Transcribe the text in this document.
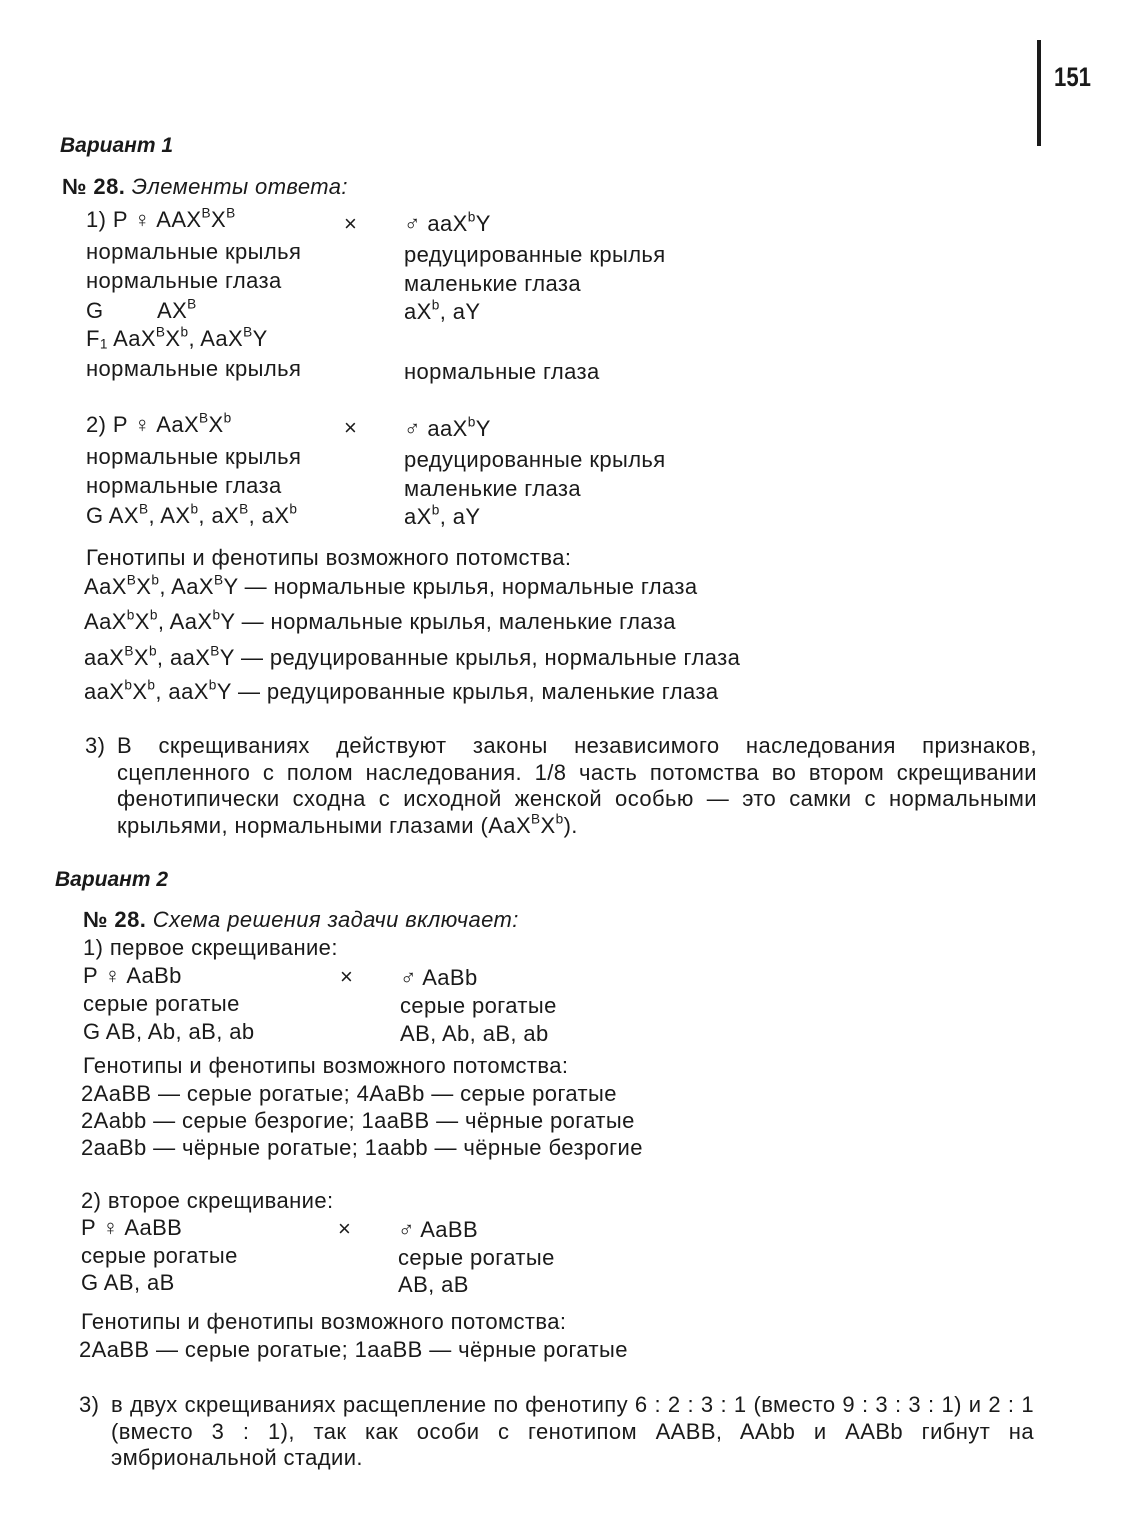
151
Вариант 1
№ 28. Элементы ответа:
1) P ♀ $AAX^BX^B$	× ♂ aaX$^b$Y
нормальные крылья	редуцированные крылья
нормальные глаза	маленькие глаза
G $AX^B$	$aX^b$, aY
$F_1$ $AaX^BX^b$, AaX$^B$Y
нормальные крылья	нормальные глаза
2) P ♀ $AaX^BX^b$	× ♂ aaX$^b$Y
нормальные крылья	редуцированные крылья
нормальные глаза	маленькие глаза
G $AX^B$, $AX^b$, $aX^B$, $aX^b$	$aX^b$, aY
Генотипы и фенотипы возможного потомства:
$AaX^BX^b$, AaX$^B$Y — нормальные крылья, нормальные глаза
$AaX^bX^b$, AaX$^b$Y — нормальные крылья, маленькие глаза
$aaX^BX^b$, aaX$^B$Y — редуцированные крылья, нормальные глаза
$aaX^bX^b$, aaX$^b$Y — редуцированные крылья, маленькие глаза
3) В скрещиваниях действуют законы независимого наследования признаков, сцепленного с полом наследования. 1/8 часть потомства во втором скрещивании фенотипически сходна с исходной женской особью — это самки с нормальными крыльями, нормальными глазами $(AaX^BX^b)$.
Вариант 2
№ 28. Схема решения задачи включает:
1) первое скрещивание:
P ♀ AaBb	× ♂ AaBb
серые рогатые	серые рогатые
G AB, Ab, aB, ab	AB, Ab, aB, ab
Генотипы и фенотипы возможного потомства:
2AaBB — серые рогатые; 4AaBb — серые рогатые
2Aabb — серые безрогие; 1aaBB — чёрные рогатые
2aaBb — чёрные рогатые; 1aabb — чёрные безрогие
2) второе скрещивание:
P ♀ AaBB	× ♂ AaBB
серые рогатые	серые рогатые
G AB, aB	AB, aB
Генотипы и фенотипы возможного потомства:
2AaBB — серые рогатые; 1aaBB — чёрные рогатые
3) в двух скрещиваниях расщепление по фенотипу 6 : 2 : 3 : 1 (вместо 9 : 3 : 3 : 1) и 2 : 1 (вместо 3 : 1), так как особи с генотипом AABB, AAbb и AABb гибнут на эмбриональной стадии.
